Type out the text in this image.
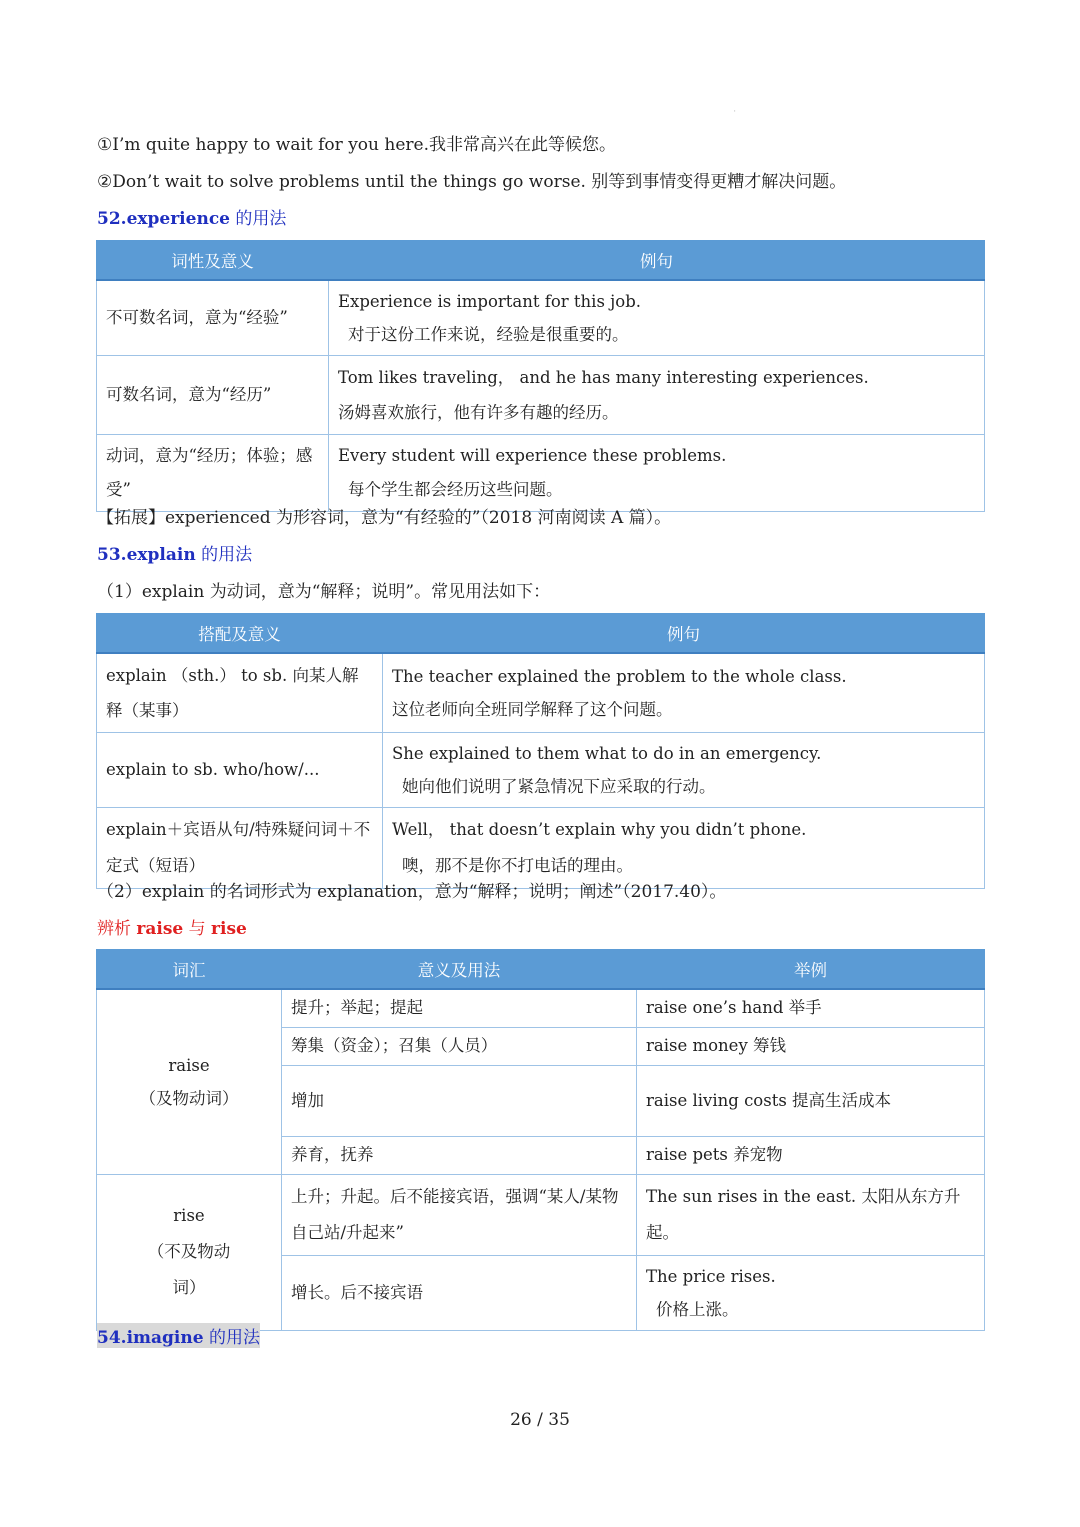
'
①I’m quite happy to wait for you here.我非常高兴在此等候您。
②Don’t wait to solve problems until the things go worse. 别等到事情变得更糟才解决问题。
52.experience 的用法
词性及意义	例句
不可数名词，意为“经验”	Experience is important for this job.
对于这份工作来说，经验是很重要的。

可数名词，意为“经历”	Tom likes traveling， and he has many interesting experiences.
汤姆喜欢旅行，他有许多有趣的经历。

动词，意为“经历；体验；感受”	Every student will experience these problems.
每个学生都会经历这些问题。
【拓展】experienced 为形容词，意为“有经验的”（2018 河南阅读 A 篇）。
53.explain 的用法
（1）explain 为动词，意为“解释；说明”。常见用法如下：
搭配及意义	例句
explain （sth.） to sb. 向某人解释（某事）	The teacher explained the problem to the whole class.
这位老师向全班同学解释了这个问题。

explain to sb. who/how/...	She explained to them what to do in an emergency.
她向他们说明了紧急情况下应采取的行动。

explain＋宾语从句/特殊疑问词＋不定式（短语）	Well， that doesn’t explain why you didn’t phone.
噢，那不是你不打电话的理由。
（2）explain 的名词形式为 explanation，意为“解释；说明；阐述”（2017.40）。
辨析 raise 与 rise
词汇	意义及用法	举例

raise
（及物动词）	提升；举起；提起	raise one’s hand 举手
	筹集（资金）；召集（人员）	raise money 筹钱
	增加	raise living costs 提高生活成本
	养育，抚养	raise pets 养宠物

rise
（不及物动词）	上升；升起。后不能接宾语，强调“某人/某物自己站/升起来”	The sun rises in the east. 太阳从东方升起。
	增长。后不接宾语	The price rises.
价格上涨。
54.imagine 的用法
26 / 35
